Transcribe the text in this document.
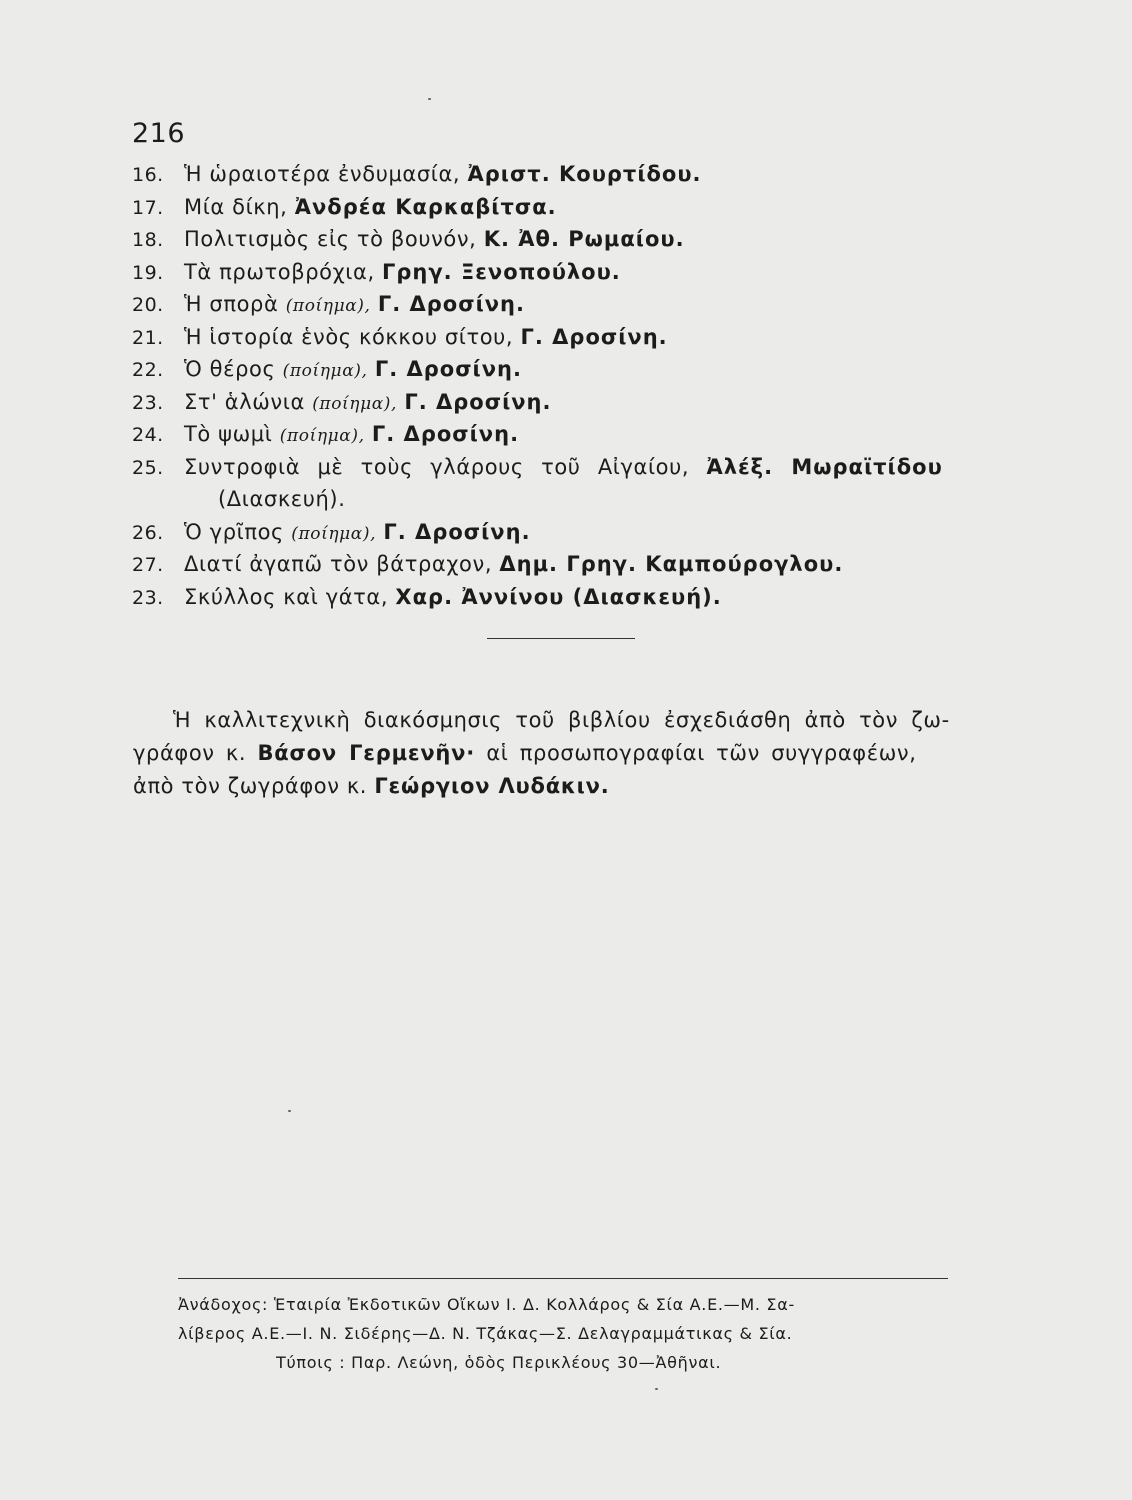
216
16. Ἡ ὡραιοτέρα ἐνδυμασία, Ἀριστ. Κουρτίδου.
17. Μία δίκη, Ἀνδρέα Καρκαβίτσα.
18. Πολιτισμὸς εἰς τὸ βουνόν, Κ. Ἀθ. Ρωμαίου.
19. Τὰ πρωτοβρόχια, Γρηγ. Ξενοπούλου.
20. Ἡ σπορὰ (ποίημα), Γ. Δροσίνη.
21. Ἡ ἱστορία ἑνὸς κόκκου σίτου, Γ. Δροσίνη.
22. Ὁ θέρος (ποίημα), Γ. Δροσίνη.
23. Στ' ἁλώνια (ποίημα), Γ. Δροσίνη.
24. Τὸ ψωμὶ (ποίημα), Γ. Δροσίνη.
25. Συντροφιὰ μὲ τοὺς γλάρους τοῦ Αἰγαίου, Ἀλέξ. Μωραϊτίδου
(Διασκευή).
26. Ὁ γρῖπος (ποίημα), Γ. Δροσίνη.
27. Διατί ἀγαπῶ τὸν βάτραχον, Δημ. Γρηγ. Καμπούρογλου.
23. Σκύλλος καὶ γάτα, Χαρ. Ἀννίνου (Διασκευή).
Ἡ καλλιτεχνικὴ διακόσμησις τοῦ βιβλίου ἐσχεδιάσθη ἀπὸ τὸν ζω-
γράφον κ. Βάσον Γερμενῆν· αἱ προσωπογραφίαι τῶν συγγραφέων,
ἀπὸ τὸν ζωγράφον κ. Γεώργιον Λυδάκιν.
Ἀνάδοχος: Ἑταιρία Ἐκδοτικῶν Οἴκων Ι. Δ. Κολλάρος & Σία Α.Ε.—Μ. Σα-
λίβερος Α.Ε.—Ι. Ν. Σιδέρης—Δ. Ν. Τζάκας—Σ. Δελαγραμμάτικας & Σία.
Τύποις : Παρ. Λεώνη, ὁδὸς Περικλέους 30—Ἀθῆναι.
